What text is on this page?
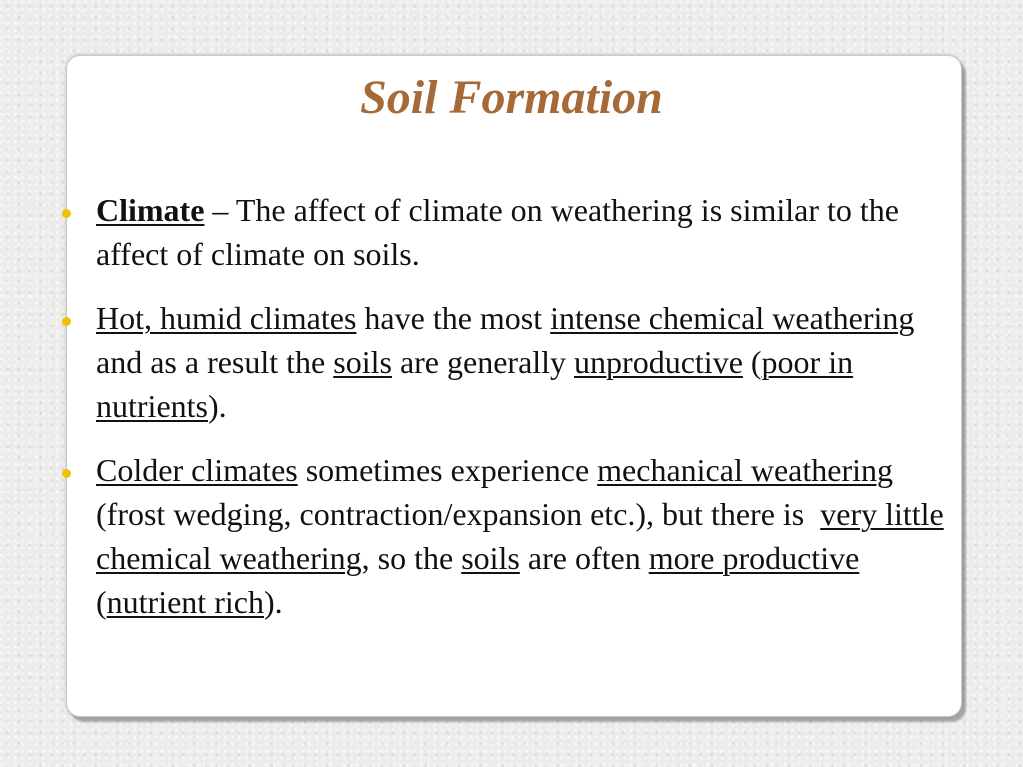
Soil Formation
Climate – The affect of climate on weathering is similar to the affect of climate on soils.
Hot, humid climates have the most intense chemical weathering and as a result the soils are generally unproductive (poor in nutrients).
Colder climates sometimes experience mechanical weathering (frost wedging, contraction/expansion etc.), but there is  very little chemical weathering, so the soils are often more productive (nutrient rich).
